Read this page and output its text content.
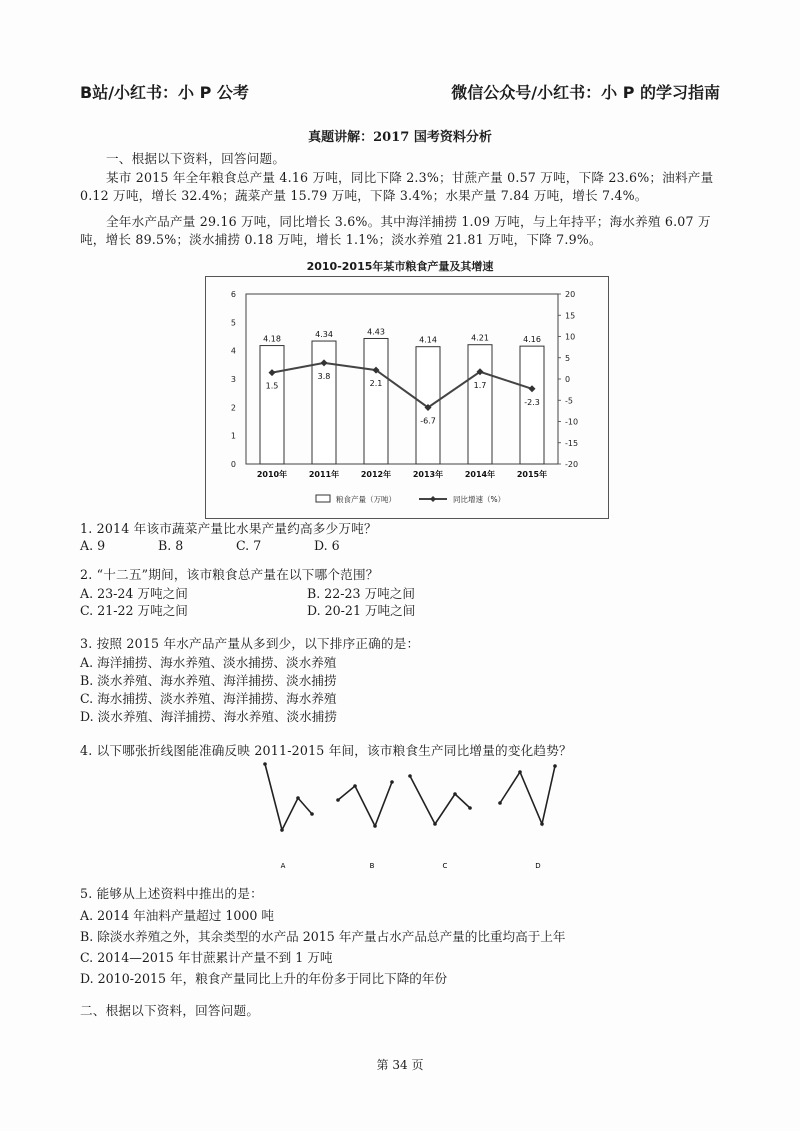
B站/小红书：小 P 公考	微信公众号/小红书：小 P 的学习指南
真题讲解：2017 国考资料分析
一、根据以下资料，回答问题。
某市 2015 年全年粮食总产量 4.16 万吨，同比下降 2.3%；甘蔗产量 0.57 万吨，下降 23.6%；油料产量 0.12 万吨，增长 32.4%；蔬菜产量 15.79 万吨，下降 3.4%；水果产量 7.84 万吨，增长 7.4%。
全年水产品产量 29.16 万吨，同比增长 3.6%。其中海洋捕捞 1.09 万吨，与上年持平；海水养殖 6.07 万吨，增长 89.5%；淡水捕捞 0.18 万吨，增长 1.1%；淡水养殖 21.81 万吨，下降 7.9%。
2010-2015年某市粮食产量及其增速
0
1
2
3
4
5
6
-20
-15
-10
-5
0
5
10
15
20
4.18
2010年
4.34
2011年
4.43
2012年
4.14
2013年
4.21
2014年
4.16
2015年
1.5
3.8
2.1
-6.7
1.7
-2.3
粮食产量（万吨）	同比增速（%）
1. 2014 年该市蔬菜产量比水果产量约高多少万吨？
A. 9	B. 8	C. 7	D. 6
2. “十二五”期间，该市粮食总产量在以下哪个范围？
A. 23-24 万吨之间	B. 22-23 万吨之间
C. 21-22 万吨之间	D. 20-21 万吨之间
3. 按照 2015 年水产品产量从多到少，以下排序正确的是：
A. 海洋捕捞、海水养殖、淡水捕捞、淡水养殖
B. 淡水养殖、海水养殖、海洋捕捞、淡水捕捞
C. 海水捕捞、淡水养殖、海洋捕捞、海水养殖
D. 淡水养殖、海洋捕捞、海水养殖、淡水捕捞
4. 以下哪张折线图能准确反映 2011-2015 年间，该市粮食生产同比增量的变化趋势？
A	B	C	D
5. 能够从上述资料中推出的是：
A. 2014 年油料产量超过 1000 吨
B. 除淡水养殖之外，其余类型的水产品 2015 年产量占水产品总产量的比重均高于上年
C. 2014—2015 年甘蔗累计产量不到 1 万吨
D. 2010-2015 年，粮食产量同比上升的年份多于同比下降的年份
二、根据以下资料，回答问题。
第 34 页
